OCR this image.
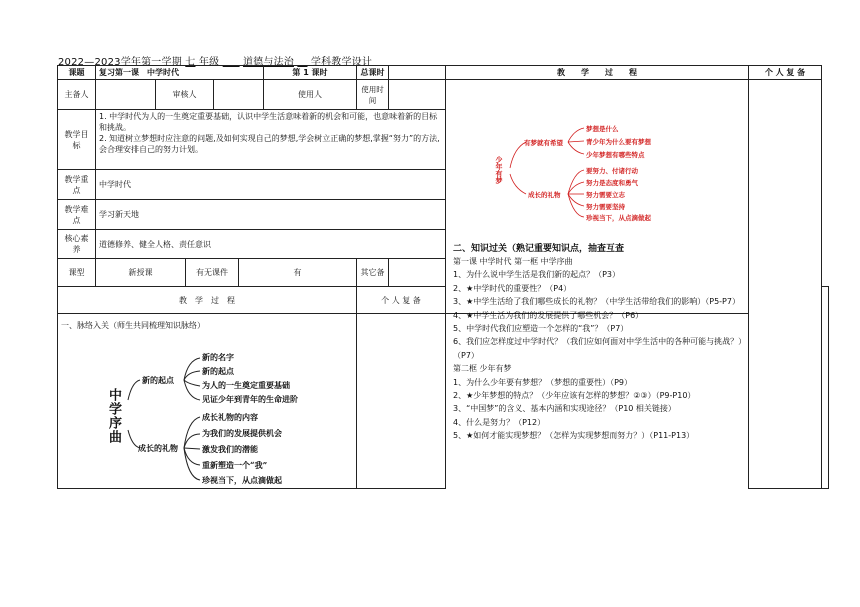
2022—2023学年第一学期 七 年级 道德与法治 学科教学设计
课题	复习第一课　中学时代					第 1 课时	总课时		教　　学　　过　　程	个 人 复 备	
主备人		审核人				使用人	使用时间				

教学目标	1. 中学时代为人的一生奠定重要基础，认识中学生活意味着新的机会和可能，也意味着新的目标和挑战。
2. 知道树立梦想时应注意的问题,及如何实现自己的梦想,学会树立正确的梦想,掌握“努力”的方法,会合理安排自己的努力计划。										

教学重点	中学时代										

教学难点	学习新天地										

核心素养	道德修养、健全人格、责任意识										
课型	新授课		有无课件		有		其它备				
教　学　过　程							个 人 复 备				

一、脉络入关（师生共同梳理知识脉络）											

少年有梦
有梦就有希望
梦想是什么
青少年为什么要有梦想
少年梦想有哪些特点
成长的礼物
要努力、付诸行动
努力是态度和勇气
努力需要立志
努力需要坚持
珍视当下，从点滴做起
二、知识过关（熟记重要知识点，抽查互查
第一课 中学时代 第一框 中学序曲
1、为什么说中学生活是我们新的起点？（P3）
2、★中学时代的重要性？（P4）
3、★中学生活给了我们哪些成长的礼物？（中学生活带给我们的影响）（P5-P7）
4、★中学生活为我们的发展提供了哪些机会？（P6）
5、中学时代我们应塑造一个怎样的“我”？（P7）
6、我们应怎样度过中学时代？（我们应如何面对中学生活中的各种可能与挑战？）（P7）
第二框 少年有梦
1、为什么少年要有梦想？（梦想的重要性）（P9）
2、★少年梦想的特点？（少年应该有怎样的梦想？②③）（P9-P10）
3、“中国梦”的含义、基本内涵和实现途径？（P10 相关链接）
4、什么是努力？（P12）
5、★如何才能实现梦想？（怎样为实现梦想而努力？）（P11-P13）
中学序曲
新的起点
新的名字
新的起点
为人的一生奠定重要基础
见证少年到青年的生命进阶
成长的礼物
成长礼物的内容
为我们的发展提供机会
激发我们的潜能
重新塑造一个“我”
珍视当下，从点滴做起
